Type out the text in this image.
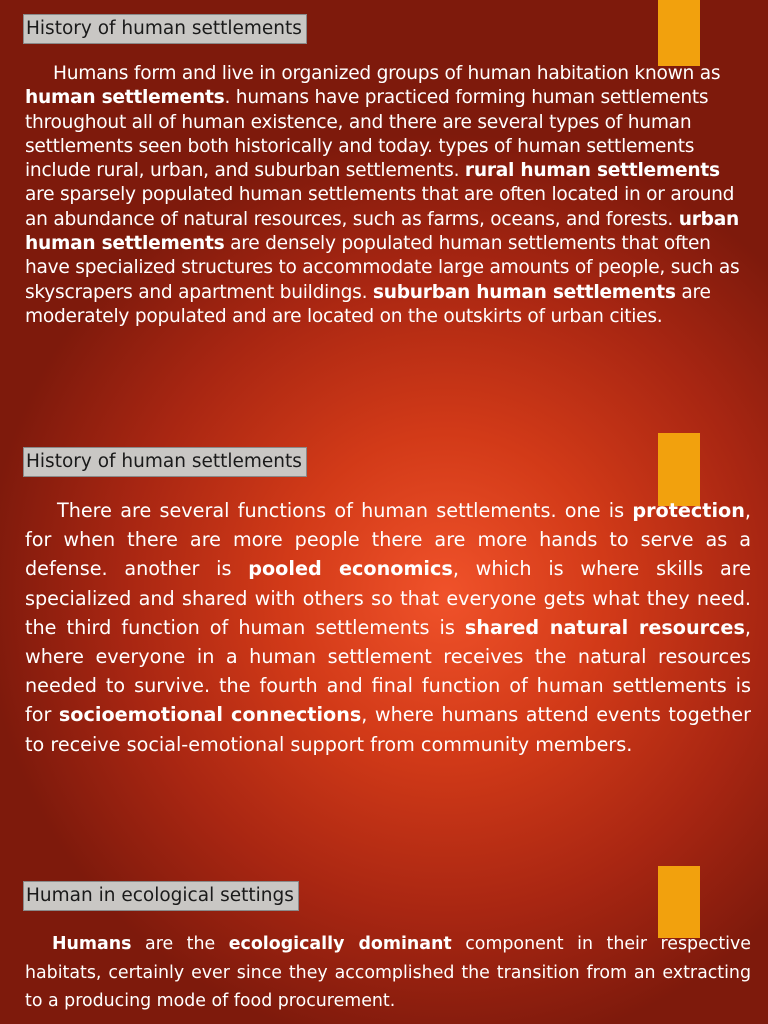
History of human settlements
Humans form and live in organized groups of human habitation known as human settlements. humans have practiced forming human settlements throughout all of human existence, and there are several types of human settlements seen both historically and today. types of human settlements include rural, urban, and suburban settlements. rural human settlements are sparsely populated human settlements that are often located in or around an abundance of natural resources, such as farms, oceans, and forests. urban human settlements are densely populated human settlements that often have specialized structures to accommodate large amounts of people, such as skyscrapers and apartment buildings. suburban human settlements are moderately populated and are located on the outskirts of urban cities.
History of human settlements
There are several functions of human settlements. one is protection, for when there are more people there are more hands to serve as a defense. another is pooled economics, which is where skills are specialized and shared with others so that everyone gets what they need. the third function of human settlements is shared natural resources, where everyone in a human settlement receives the natural resources needed to survive. the fourth and final function of human settlements is for socioemotional connections, where humans attend events together to receive social-emotional support from community members.
Human in ecological settings
Humans are the ecologically dominant component in their respective habitats, certainly ever since they accomplished the transition from an extracting to a producing mode of food procurement.
